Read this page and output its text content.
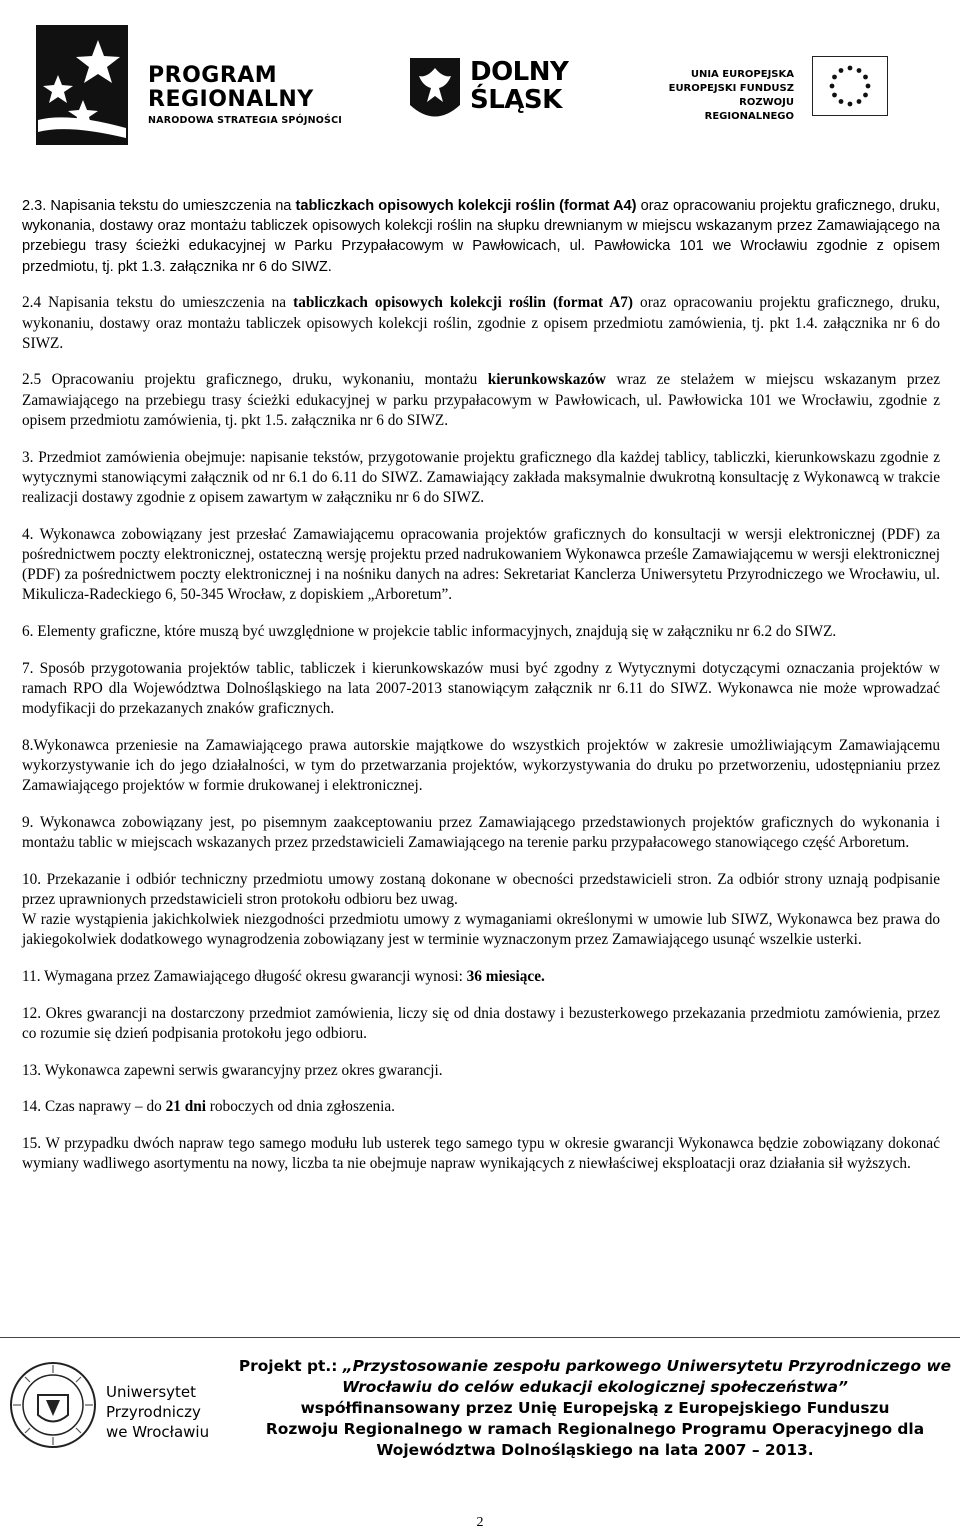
PROGRAM
REGIONALNY
NARODOWA STRATEGIA SPÓJNOŚCI
DOLNY
ŚLĄSK
UNIA EUROPEJSKA
EUROPEJSKI FUNDUSZ
ROZWOJU REGIONALNEGO

2.3. Napisania tekstu do umieszczenia na tabliczkach opisowych kolekcji roślin (format A4) oraz opracowaniu projektu graficznego, druku, wykonania, dostawy oraz montażu tabliczek opisowych kolekcji roślin na słupku drewnianym w miejscu wskazanym przez Zamawiającego na przebiegu trasy ścieżki edukacyjnej w Parku Przypałacowym w Pawłowicach, ul. Pawłowicka 101 we Wrocławiu zgodnie z opisem przedmiotu, tj. pkt 1.3. załącznika nr 6 do SIWZ.

2.4 Napisania tekstu do umieszczenia na tabliczkach opisowych kolekcji roślin (format A7) oraz opracowaniu projektu graficznego, druku, wykonaniu, dostawy oraz montażu tabliczek opisowych kolekcji roślin, zgodnie z opisem przedmiotu zamówienia, tj. pkt 1.4. załącznika nr 6 do SIWZ.

2.5 Opracowaniu projektu graficznego, druku, wykonaniu, montażu kierunkowskazów wraz ze stelażem w miejscu wskazanym przez Zamawiającego na przebiegu trasy ścieżki edukacyjnej w parku przypałacowym w Pawłowicach, ul. Pawłowicka 101 we Wrocławiu, zgodnie z opisem przedmiotu zamówienia, tj. pkt 1.5. załącznika nr 6 do SIWZ.

3. Przedmiot zamówienia obejmuje: napisanie tekstów, przygotowanie projektu graficznego dla każdej tablicy, tabliczki, kierunkowskazu zgodnie z wytycznymi stanowiącymi załącznik od nr 6.1 do 6.11 do SIWZ. Zamawiający zakłada maksymalnie dwukrotną konsultację z Wykonawcą w trakcie realizacji dostawy zgodnie z opisem zawartym w załączniku nr 6 do SIWZ.

4. Wykonawca zobowiązany jest przesłać Zamawiającemu opracowania projektów graficznych do konsultacji w wersji elektronicznej (PDF) za pośrednictwem poczty elektronicznej, ostateczną wersję projektu przed nadrukowaniem Wykonawca prześle Zamawiającemu w wersji elektronicznej (PDF) za pośrednictwem poczty elektronicznej i na nośniku danych na adres: Sekretariat Kanclerza Uniwersytetu Przyrodniczego we Wrocławiu, ul. Mikulicza-Radeckiego 6, 50-345 Wrocław, z dopiskiem „Arboretum”.

6. Elementy graficzne, które muszą być uwzględnione w projekcie tablic informacyjnych, znajdują się w załączniku nr 6.2 do SIWZ.

7. Sposób przygotowania projektów tablic, tabliczek i kierunkowskazów musi być zgodny z Wytycznymi dotyczącymi oznaczania projektów w ramach RPO dla Województwa Dolnośląskiego na lata 2007-2013 stanowiącym załącznik nr 6.11 do SIWZ. Wykonawca nie może wprowadzać modyfikacji do przekazanych znaków graficznych.

8.Wykonawca przeniesie na Zamawiającego prawa autorskie majątkowe do wszystkich projektów w zakresie umożliwiającym Zamawiającemu wykorzystywanie ich do jego działalności, w tym do przetwarzania projektów, wykorzystywania do druku po przetworzeniu, udostępnianiu przez Zamawiającego projektów w formie drukowanej i elektronicznej.

9. Wykonawca zobowiązany jest, po pisemnym zaakceptowaniu przez Zamawiającego przedstawionych projektów graficznych do wykonania i montażu tablic w miejscach wskazanych przez przedstawicieli Zamawiającego na terenie parku przypałacowego stanowiącego część Arboretum.

10. Przekazanie i odbiór techniczny przedmiotu umowy zostaną dokonane w obecności przedstawicieli stron. Za odbiór strony uznają podpisanie przez uprawnionych przedstawicieli stron protokołu odbioru bez uwag.

W razie wystąpienia jakichkolwiek niezgodności przedmiotu umowy z wymaganiami określonymi w umowie lub SIWZ, Wykonawca bez prawa do jakiegokolwiek dodatkowego wynagrodzenia zobowiązany jest w terminie wyznaczonym przez Zamawiającego usunąć wszelkie usterki.

11. Wymagana przez Zamawiającego długość okresu gwarancji wynosi: 36 miesiące.

12. Okres gwarancji na dostarczony przedmiot zamówienia, liczy się od dnia dostawy i bezusterkowego przekazania przedmiotu zamówienia, przez co rozumie się dzień podpisania protokołu jego odbioru.

13. Wykonawca zapewni serwis gwarancyjny przez okres gwarancji.

14. Czas naprawy – do 21 dni roboczych od dnia zgłoszenia.

15. W przypadku dwóch napraw tego samego modułu lub usterek tego samego typu w okresie gwarancji Wykonawca będzie zobowiązany dokonać wymiany wadliwego asortymentu na nowy, liczba ta nie obejmuje napraw wynikających z niewłaściwej eksploatacji oraz działania sił wyższych.

Uniwersytet
Przyrodniczy
we Wrocławiu
Projekt pt.: „Przystosowanie zespołu parkowego Uniwersytetu Przyrodniczego we
Wrocławiu do celów edukacji ekologicznej społeczeństwa”
współfinansowany przez Unię Europejską z Europejskiego Funduszu
Rozwoju Regionalnego w ramach Regionalnego Programu Operacyjnego dla
Województwa Dolnośląskiego na lata 2007 – 2013.
2
